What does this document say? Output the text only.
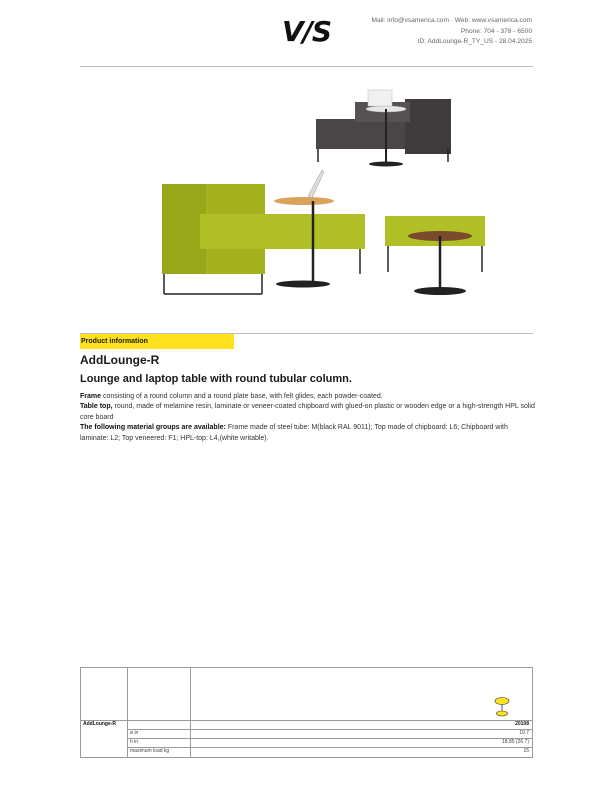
V/S	Mail: info@vsamerica.com · Web: www.vsamerica.com
Phone: 704 - 378 - 6500
ID: AddLounge-R_TY_US - 28.04.2025
Product information
AddLounge-R
Lounge and laptop table with round tubular column.
Frame consisting of a round column and a round plate base, with felt glides, each powder-coated.
Table top, round, made of melamine resin, laminate or veneer-coated chipboard with glued-on plastic or wooden edge or a high-strength HPL solid core board
The following material groups are available: Frame made of steel tube: M(black RAL 9011); Top made of chipboard: L6; Chipboard with laminate: L2; Top veneered: F1; HPL-top: L4,(white writable).
AddLounge-R	20108
ø in	19.7
h in	18.85 (26.7)
maximum load kg	15
